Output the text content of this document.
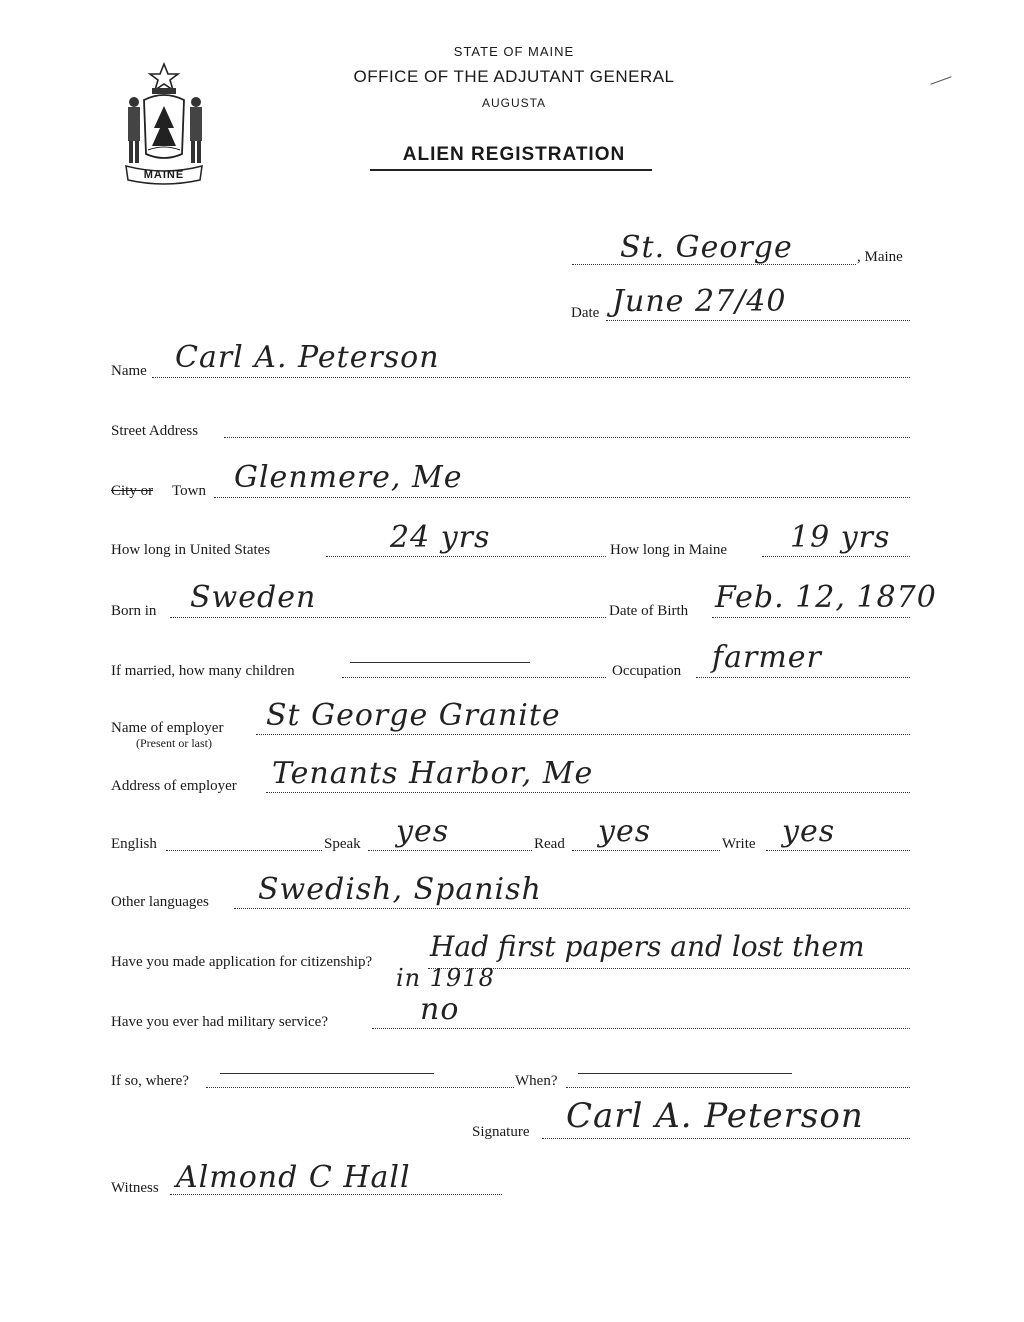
MAINE
STATE OF MAINE
OFFICE OF THE ADJUTANT GENERAL
AUGUSTA
ALIEN REGISTRATION
St. George	, Maine
Date June 27/40
Name Carl A. Peterson
Street Address
City or Town Glenmere, Me
How long in United States	24 yrs	How long in Maine 19 yrs
Born in Sweden	Date of Birth Feb. 12, 1870
If married, how many children	Occupation farmer
Name of employer
(Present or last)
St George Granite
Address of employer Tenants Harbor, Me
English	Speak yes	Read yes	Write yes
Other languages Swedish, Spanish
Have you made application for citizenship? Had first papers and lost them
in 1918
Have you ever had military service?	no
If so, where?	When?
Signature Carl A. Peterson
Witness Almond C Hall
